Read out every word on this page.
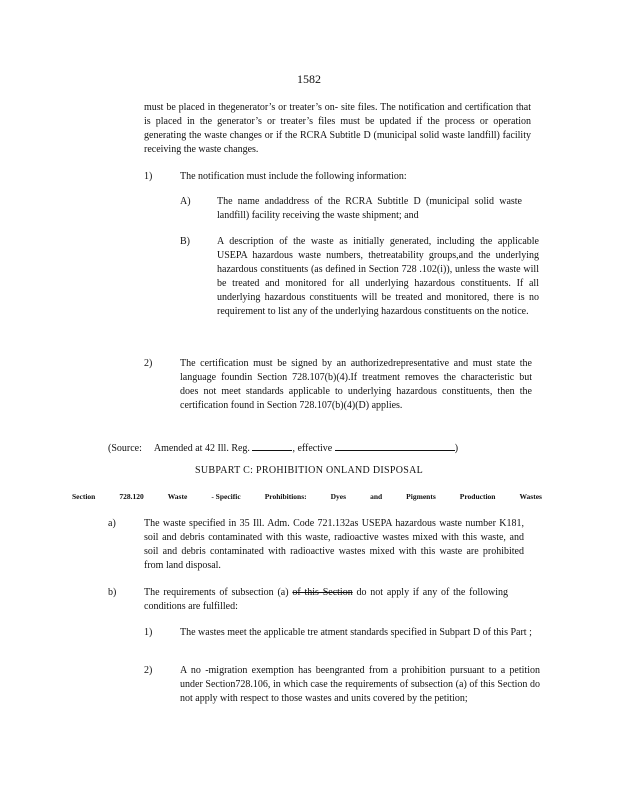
1582
must be placed in thegenerator’s or treater’s on- site files. The notification and certification that is placed in the generator’s or treater’s files must be updated if the process or operation generating the waste changes or if the RCRA Subtitle D (municipal solid waste landfill) facility receiving the waste changes.
1)	The notification must include the following information:
A)	The name andaddress of the RCRA Subtitle D (municipal solid waste landfill) facility receiving the waste shipment; and
B)	A description of the waste as initially generated, including the applicable USEPA hazardous waste numbers, thetreatability groups,and the underlying hazardous constituents (as defined in Section 728 .102(i)), unless the waste will be treated and monitored for all underlying hazardous constituents. If all underlying hazardous constituents will be treated and monitored, there is no requirement to list any of the underlying hazardous constituents on the notice.
2)	The certification must be signed by an authorizedrepresentative and must state the language foundin Section 728.107(b)(4).If treatment removes the characteristic but does not meet standards applicable to underlying hazardous constituents, then the certification found in Section 728.107(b)(4)(D) applies.
(Source: Amended at 42 Ill. Reg.	, effective	)
SUBPART C: PROHIBITION ONLAND DISPOSAL
Section	728.120	Waste	- Specific	Prohibitions:	Dyes	and	Pigments	Production	Wastes
a)	The waste specified in 35 Ill. Adm. Code 721.132as USEPA hazardous waste number K181, soil and debris contaminated with this waste, radioactive wastes mixed with this waste, and soil and debris contaminated with radioactive wastes mixed with this waste are prohibited from land disposal.
b)	The requirements of subsection (a) of this Section do not apply if any of the following conditions are fulfilled:
1)	The wastes meet the applicable tre atment standards specified in Subpart D of this Part ;
2)	A no -migration exemption has beengranted from a prohibition pursuant to a petition under Section728.106, in which case the requirements of subsection (a) of this Section do not apply with respect to those wastes and units covered by the petition;
